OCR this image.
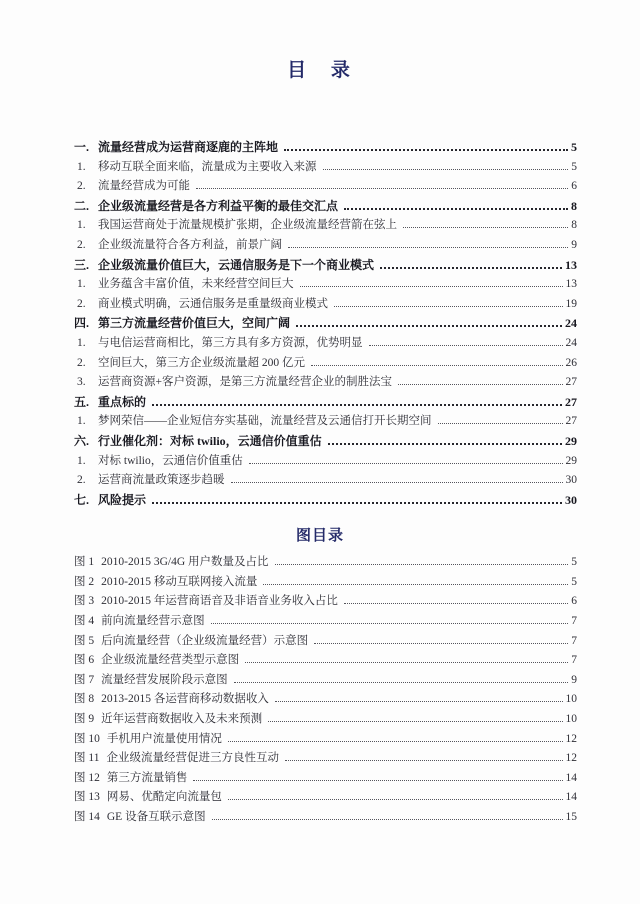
目 录
一. 流量经营成为运营商逐鹿的主阵地	5
1.	移动互联全面来临，流量成为主要收入来源	5
2.	流量经营成为可能	6
二. 企业级流量经营是各方利益平衡的最佳交汇点	8
1.	我国运营商处于流量规模扩张期，企业级流量经营箭在弦上	8
2.	企业级流量符合各方利益，前景广阔	9
三. 企业级流量价值巨大，云通信服务是下一个商业模式	13
1.	业务蕴含丰富价值，未来经营空间巨大	13
2.	商业模式明确，云通信服务是重量级商业模式	19
四. 第三方流量经营价值巨大，空间广阔	24
1.	与电信运营商相比，第三方具有多方资源，优势明显	24
2.	空间巨大，第三方企业级流量超 200 亿元	26
3.	运营商资源+客户资源，是第三方流量经营企业的制胜法宝	27
五. 重点标的	27
1.	梦网荣信——企业短信夯实基础，流量经营及云通信打开长期空间	27
六. 行业催化剂：对标 twilio，云通信价值重估	29
1.	对标 twilio，云通信价值重估	29
2.	运营商流量政策逐步趋暖	30
七. 风险提示	30
图目录
图 1 2010-2015 3G/4G 用户数量及占比	5
图 2 2010-2015 移动互联网接入流量	5
图 3 2010-2015 年运营商语音及非语音业务收入占比	6
图 4 前向流量经营示意图	7
图 5 后向流量经营（企业级流量经营）示意图	7
图 6 企业级流量经营类型示意图	7
图 7 流量经营发展阶段示意图	9
图 8 2013-2015 各运营商移动数据收入	10
图 9 近年运营商数据收入及未来预测	10
图 10 手机用户流量使用情况	12
图 11 企业级流量经营促进三方良性互动	12
图 12 第三方流量销售	14
图 13 网易、优酷定向流量包	14
图 14 GE 设备互联示意图	15
